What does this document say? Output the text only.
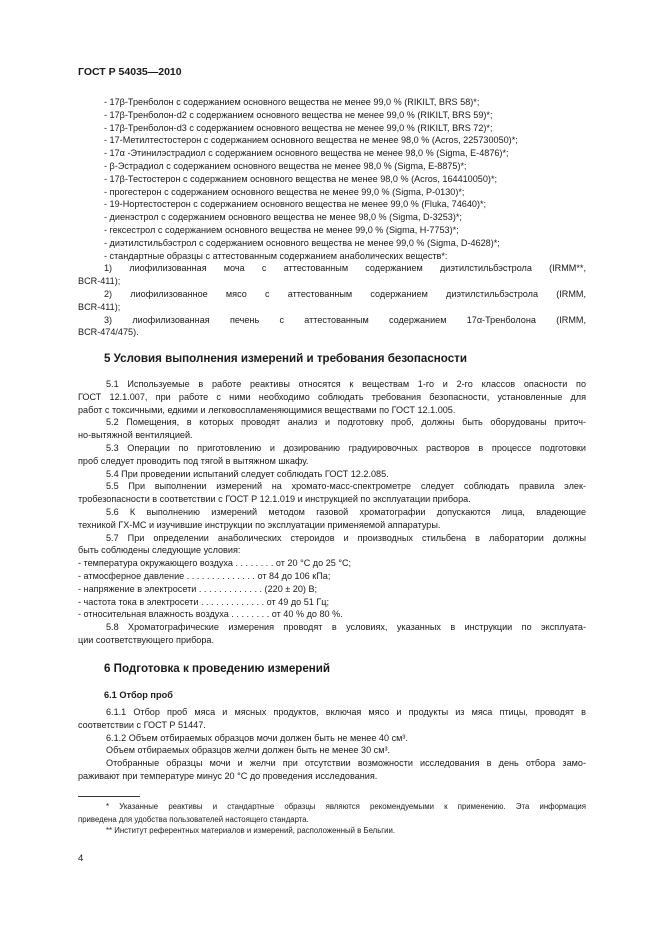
ГОСТ Р 54035—2010
- 17β-Тренболон с содержанием основного вещества не менее 99,0 % (RIKILT, BRS 58)*;
- 17β-Тренболон-d2 с содержанием основного вещества не менее 99,0 % (RIKILT, BRS 59)*;
- 17β-Тренболон-d3 с содержанием основного вещества не менее 99,0 % (RIKILT, BRS 72)*;
- 17-Метилтестостерон с содержанием основного вещества не менее 98,0 % (Acros, 225730050)*;
- 17α -Этинилэстрадиол с содержанием основного вещества не менее 98,0 % (Sigma, E-4876)*;
- β-Эстрадиол с содержанием основного вещества не менее 98,0 % (Sigma, E-8875)*;
- 17β-Тестостерон с содержанием основного вещества не менее 98,0 % (Acros, 164410050)*;
- прогестерон с содержанием основного вещества не менее 99,0 % (Sigma, P-0130)*;
- 19-Нортестостерон с содержанием основного вещества не менее 99,0 % (Fluka, 74640)*;
- диенэстрол с содержанием основного вещества не менее 98,0 % (Sigma, D-3253)*;
- гексестрол с содержанием основного вещества не менее 99,0 % (Sigma, H-7753)*;
- диэтилстильбэстрол с содержанием основного вещества не менее 99,0 % (Sigma, D-4628)*;
- стандартные образцы с аттестованным содержанием анаболических веществ*:
1) лиофилизованная моча с аттестованным содержанием диэтилстильбэстрола (IRMM**,
BCR-411);
2) лиофилизованное мясо с аттестованным содержанием диэтилстильбэстрола (IRMM,
BCR-411);
3) лиофилизованная печень с аттестованным содержанием 17α-Тренболона (IRMM,
BCR-474/475).
5 Условия выполнения измерений и требования безопасности
5.1 Используемые в работе реактивы относятся к веществам 1-го и 2-го классов опасности по
ГОСТ 12.1.007, при работе с ними необходимо соблюдать требования безопасности, установленные для
работ с токсичными, едкими и легковоспламеняющимися веществами по ГОСТ 12.1.005.
5.2 Помещения, в которых проводят анализ и подготовку проб, должны быть оборудованы приточ-
но-вытяжной вентиляцией.
5.3 Операции по приготовлению и дозированию градуировочных растворов в процессе подготовки
проб следует проводить под тягой в вытяжном шкафу.
5.4 При проведении испытаний следует соблюдать ГОСТ 12.2.085.
5.5 При выполнении измерений на хромато-масс-спектрометре следует соблюдать правила элек-
тробезопасности в соответствии с ГОСТ Р 12.1.019 и инструкцией по эксплуатации прибора.
5.6 К выполнению измерений методом газовой хроматографии допускаются лица, владеющие
техникой ГХ-МС и изучившие инструкции по эксплуатации применяемой аппаратуры.
5.7 При определении анаболических стероидов и производных стильбена в лаборатории должны
быть соблюдены следующие условия:
- температура окружающего воздуха . . . . . . . . от 20 °С до 25 °С;
- атмосферное давление . . . . . . . . . . . . . . от 84 до 106 кПа;
- напряжение в электросети . . . . . . . . . . . . . (220 ± 20) В;
- частота тока в электросети . . . . . . . . . . . . . от 49 до 51 Гц;
- относительная влажность воздуха . . . . . . . . от 40 % до 80 %.
5.8 Хроматографические измерения проводят в условиях, указанных в инструкции по эксплуата-
ции соответствующего прибора.
6 Подготовка к проведению измерений
6.1 Отбор проб
6.1.1 Отбор проб мяса и мясных продуктов, включая мясо и продукты из мяса птицы, проводят в
соответствии с ГОСТ Р 51447.
6.1.2 Объем отбираемых образцов мочи должен быть не менее 40 см³.
Объем отбираемых образцов желчи должен быть не менее 30 см³.
Отобранные образцы мочи и желчи при отсутствии возможности исследования в день отбора замо-
раживают при температуре минус 20 °С до проведения исследования.
* Указанные реактивы и стандартные образцы являются рекомендуемыми к применению. Эта информация
приведена для удобства пользователей настоящего стандарта.
** Институт референтных материалов и измерений, расположенный в Бельгии.
4
